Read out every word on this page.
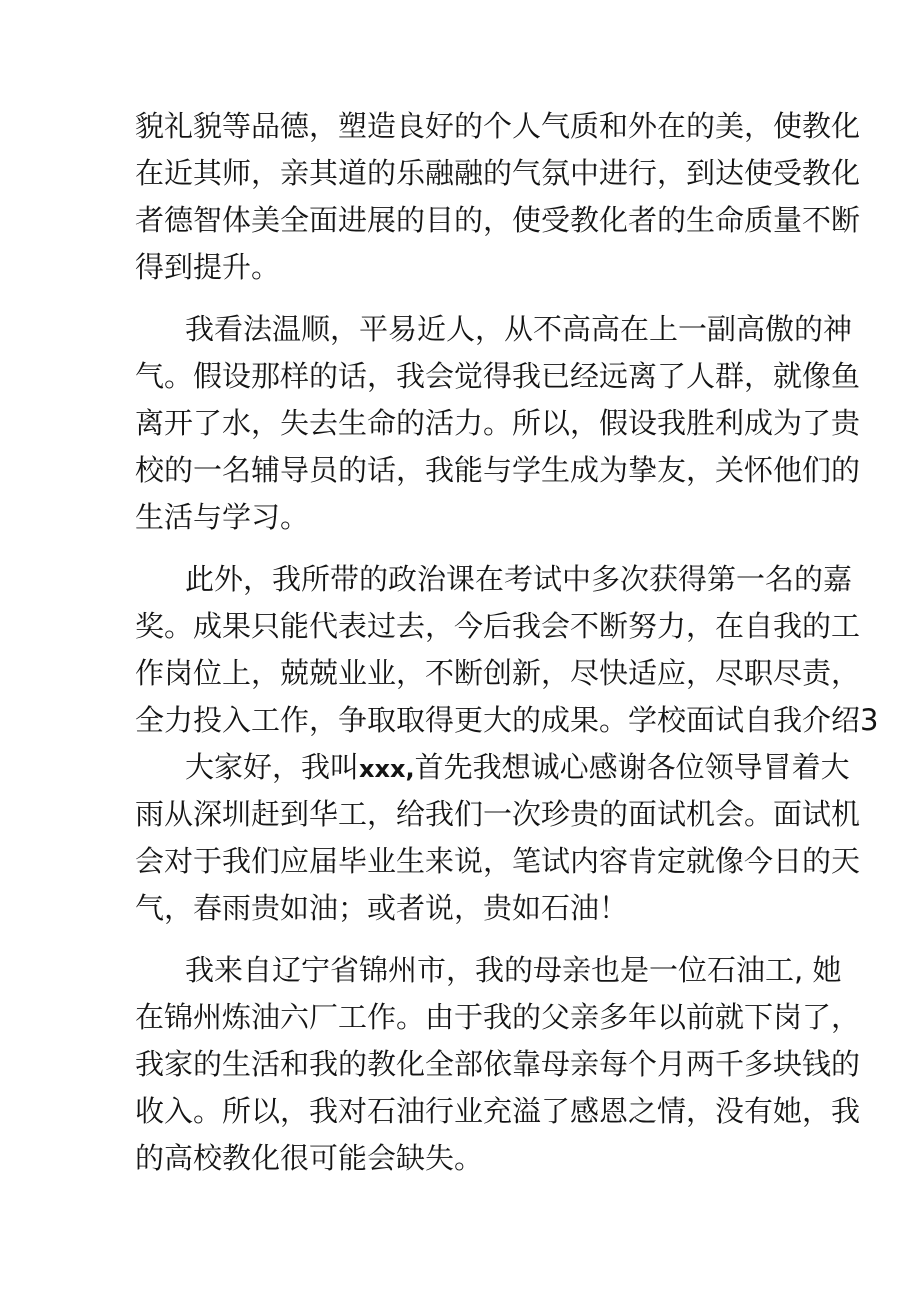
貌礼貌等品德，塑造良好的个人气质和外在的美，使教化
在近其师，亲其道的乐融融的气氛中进行，到达使受教化
者德智体美全面进展的目的，使受教化者的生命质量不断
得到提升。
我看法温顺，平易近人，从不高高在上一副高傲的神
气。假设那样的话，我会觉得我已经远离了人群，就像鱼
离开了水，失去生命的活力。所以，假设我胜利成为了贵
校的一名辅导员的话，我能与学生成为挚友，关怀他们的
生活与学习。
此外，我所带的政治课在考试中多次获得第一名的嘉
奖。成果只能代表过去，今后我会不断努力，在自我的工
作岗位上，兢兢业业，不断创新，尽快适应，尽职尽责，
全力投入工作，争取取得更大的成果。学校面试自我介绍3
大家好，我叫xxx,首先我想诚心感谢各位领导冒着大
雨从深圳赶到华工，给我们一次珍贵的面试机会。面试机
会对于我们应届毕业生来说，笔试内容肯定就像今日的天
气，春雨贵如油；或者说，贵如石油！
我来自辽宁省锦州市，我的母亲也是一位石油工, 她
在锦州炼油六厂工作。由于我的父亲多年以前就下岗了，
我家的生活和我的教化全部依靠母亲每个月两千多块钱的
收入。所以，我对石油行业充溢了感恩之情，没有她，我
的高校教化很可能会缺失。
